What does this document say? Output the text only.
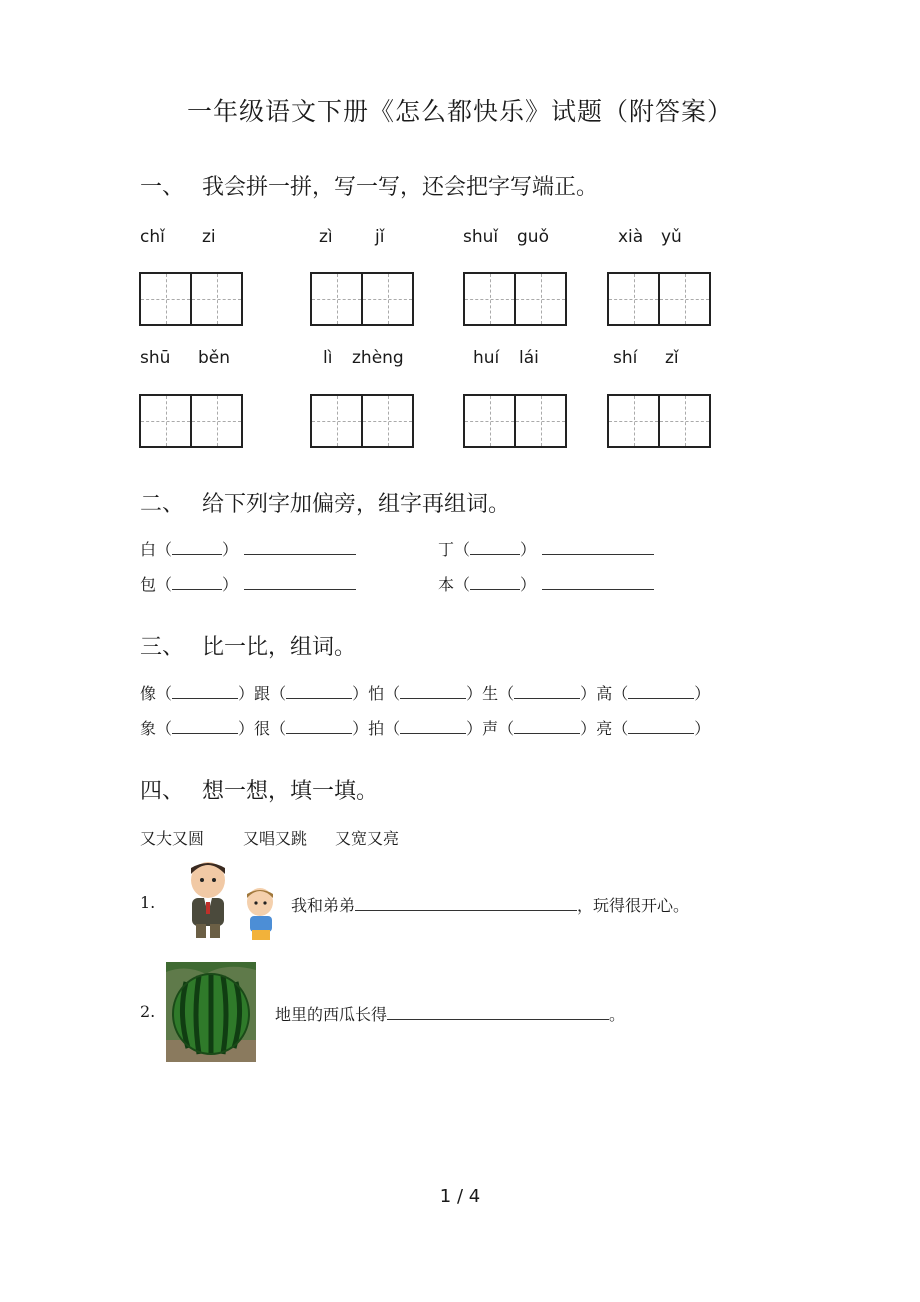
一年级语文下册《怎么都快乐》试题（附答案）
一、 我会拼一拼，写一写，还会把字写端正。
chǐ zi	zì jǐ	shuǐ guǒ	xià yǔ
shū běn	lì zhèng	huí lái	shí zǐ
二、 给下列字加偏旁，组字再组词。
白（	）	丁（	）
包（	）	本（	）
三、 比一比，组词。
像（	）跟（	）怕（	）生（	）高（	）
象（	）很（	）拍（	）声（	）亮（	）
四、 想一想，填一填。
又大又圆 又唱又跳 又宽又亮
1.	我和弟弟	，玩得很开心。
2.	地里的西瓜长得	。
1 / 4
